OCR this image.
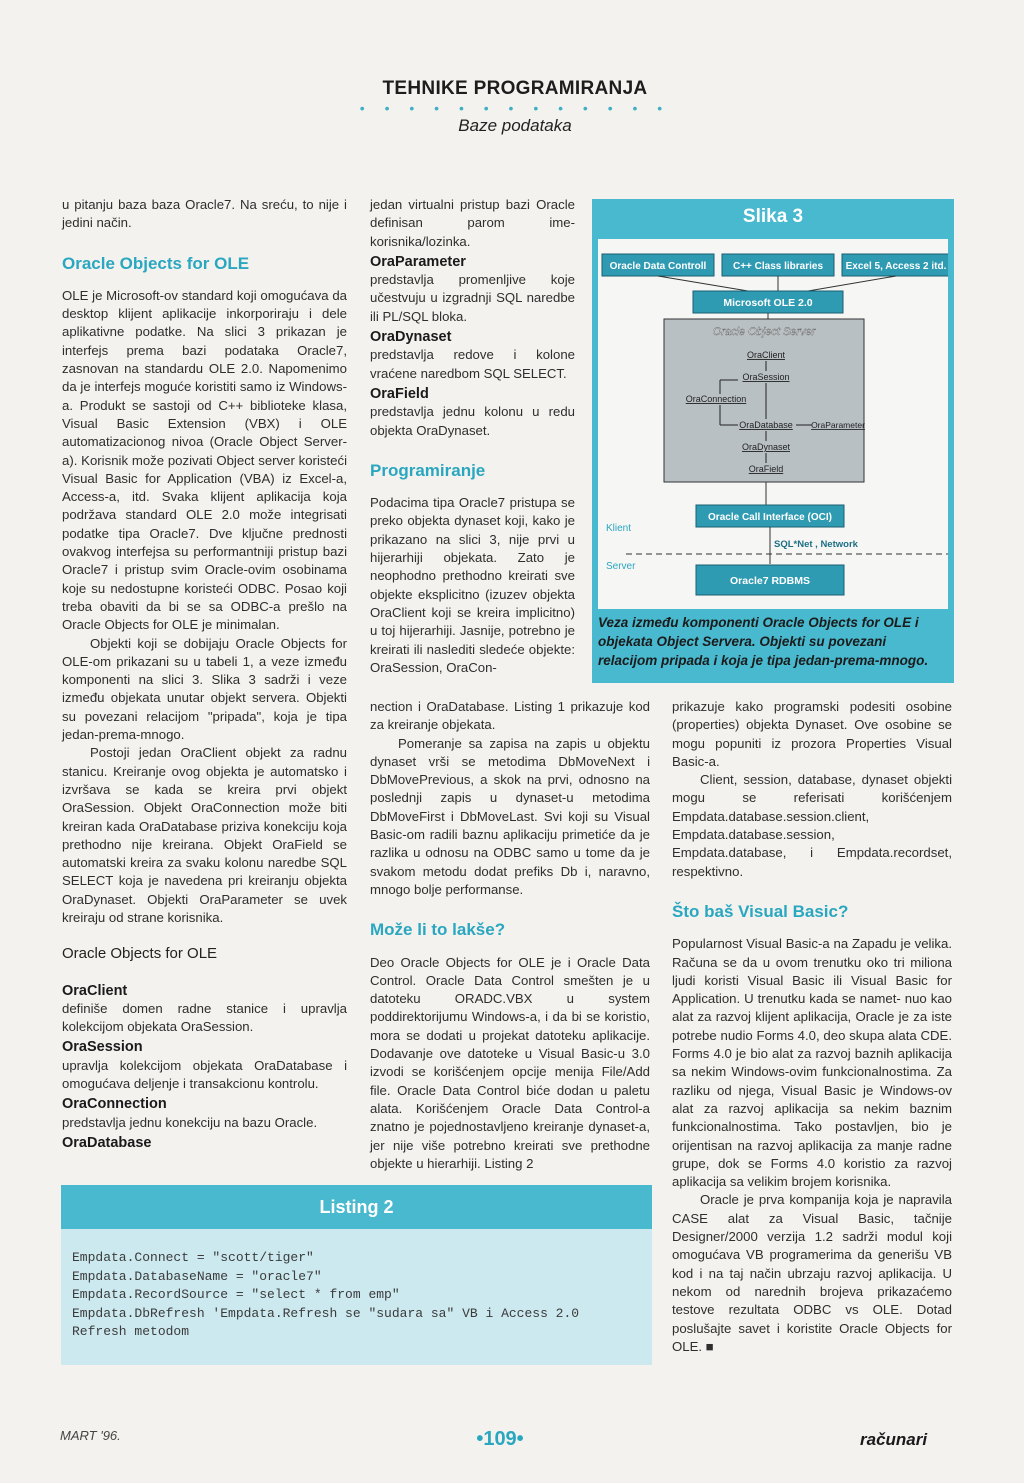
TEHNIKE PROGRAMIRANJA
• • • • • • • • • • • • •
Baze podataka

u pitanju baza baza Oracle7. Na sreću, to nije i jedini način.

Oracle Objects for OLE

OLE je Microsoft-ov standard koji omogućava da desktop klijent aplikacije inkorporiraju i dele aplikativne podatke. Na slici 3 prikazan je interfejs prema bazi podataka Oracle7, zasnovan na standardu OLE 2.0. Napomenimo da je interfejs moguće koristiti samo iz Windows-a. Produkt se sastoji od C++ biblioteke klasa, Visual Basic Extension (VBX) i OLE automatizacionog nivoa (Oracle Object Server-a). Korisnik može pozivati Object server koristeći Visual Basic for Application (VBA) iz Excel-a, Access-a, itd. Svaka klijent aplikacija koja podržava standard OLE 2.0 može integrisati podatke tipa Oracle7. Dve ključne prednosti ovakvog interfejsa su performantniji pristup bazi Oracle7 i pristup svim Oracle-ovim osobinama koje su nedostupne koristeći ODBC. Posao koji treba obaviti da bi se sa ODBC-a prešlo na Oracle Objects for OLE je minimalan.

Objekti koji se dobijaju Oracle Objects for OLE-om prikazani su u tabeli 1, a veze između komponenti na slici 3. Slika 3 sadrži i veze između objekata unutar objekt servera. Objekti su povezani relacijom "pripada", koja je tipa jedan-prema-mnogo.

Postoji jedan OraClient objekt za radnu stanicu. Kreiranje ovog objekta je automatsko i izvršava se kada se kreira prvi objekt OraSession. Objekt OraConnection može biti kreiran kada OraDatabase priziva konekciju koja prethodno nije kreirana. Objekt OraField se automatski kreira za svaku kolonu naredbe SQL SELECT koja je navedena pri kreiranju objekta OraDynaset. Objekti OraParameter se uvek kreiraju od strane korisnika.

Oracle Objects for OLE
OraClient

definiše domen radne stanice i upravlja kolekcijom objekata OraSession.

OraSession

upravlja kolekcijom objekata OraDatabase i omogućava deljenje i transakcionu kontrolu.

OraConnection

predstavlja jednu konekciju na bazu Oracle.

OraDatabase

jedan virtualni pristup bazi Oracle definisan parom ime-korisnika/lozinka.

OraParameter

predstavlja promenljive koje učestvuju u izgradnji SQL naredbe ili PL/SQL bloka.

OraDynaset

predstavlja redove i kolone vraćene naredbom SQL SELECT.

OraField

predstavlja jednu kolonu u redu objekta OraDynaset.

Programiranje

Podacima tipa Oracle7 pristupa se preko objekta dynaset koji, kako je prikazano na slici 3, nije prvi u hijerarhiji objekata. Zato je neophodno prethodno kreirati sve objekte eksplicitno (izuzev objekta OraClient koji se kreira implicitno) u toj hijerarhiji. Jasnije, potrebno je kreirati ili naslediti sledeće objekte: OraSession, OraCon-

nection i OraDatabase. Listing 1 prikazuje kod za kreiranje objekata.

Pomeranje sa zapisa na zapis u objektu dynaset vrši se metodima DbMoveNext i DbMovePrevious, a skok na prvi, odnosno na poslednji zapis u dynaset-u metodima DbMoveFirst i DbMoveLast. Svi koji su Visual Basic-om radili baznu aplikaciju primetiće da je razlika u odnosu na ODBC samo u tome da je svakom metodu dodat prefiks Db i, naravno, mnogo bolje performanse.

Može li to lakše?

Deo Oracle Objects for OLE je i Oracle Data Control. Oracle Data Control smešten je u datoteku ORADC.VBX u system poddirektorijumu Windows-a, i da bi se koristio, mora se dodati u projekat datoteku aplikacije. Dodavanje ove datoteke u Visual Basic-u 3.0 izvodi se korišćenjem opcije menija File/Add file. Oracle Data Control biće dodan u paletu alata. Korišćenjem Oracle Data Control-a znatno je pojednostavljeno kreiranje dynaset-a, jer nije više potrebno kreirati sve prethodne objekte u hierarhiji. Listing 2

prikazuje kako programski podesiti osobine (properties) objekta Dynaset. Ove osobine se mogu popuniti iz prozora Properties Visual Basic-a.

Client, session, database, dynaset objekti mogu se referisati korišćenjem Empdata.database.session.client, Empdata.database.session, Empdata.database, i Empdata.recordset, respektivno.

Što baš Visual Basic?

Popularnost Visual Basic-a na Zapadu je velika. Računa se da u ovom trenutku oko tri miliona ljudi koristi Visual Basic ili Visual Basic for Application. U trenutku kada se namet- nuo kao alat za razvoj klijent aplikacija, Oracle je za iste potrebe nudio Forms 4.0, deo skupa alata CDE. Forms 4.0 je bio alat za razvoj baznih aplikacija sa nekim Windows-ovim funkcionalnostima. Za razliku od njega, Visual Basic je Windows-ov alat za razvoj aplikacija sa nekim baznim funkcionalnostima. Tako postavljen, bio je orijentisan na razvoj aplikacija za manje radne grupe, dok se Forms 4.0 koristio za razvoj aplikacija sa velikim brojem korisnika.

Oracle je prva kompanija koja je napravila CASE alat za Visual Basic, tačnije Designer/2000 verzija 1.2 sadrži modul koji omogućava VB programerima da generišu VB kod i na taj način ubrzaju razvoj aplikacija. U nekom od narednih brojeva prikazaćemo testove rezultata ODBC vs OLE. Dotad poslušajte savet i koristite Oracle Objects for OLE. ■

Slika 3
Oracle Data Controll	C++ Class libraries Excel 5, Access 2 itd.
Microsoft OLE 2.0
Oracle Object Server
OraClient
OraSession
OraConnection
OraDatabase OraParameter
OraDynaset
OraField
Oracle Call Interface (OCI)
Klient
SQL*Net , Network
Server
Oracle7 RDBMS
Veza između komponenti Oracle Objects for OLE i objekata Object Servera. Objekti su povezani relacijom pripada i koja je tipa jedan-prema-mnogo.
Listing 2
Empdata.Connect = "scott/tiger"
Empdata.DatabaseName = "oracle7"
Empdata.RecordSource = "select * from emp"
Empdata.DbRefresh 'Empdata.Refresh se "sudara sa" VB i Access 2.0
Refresh metodom
MART '96.	•109•	računari
